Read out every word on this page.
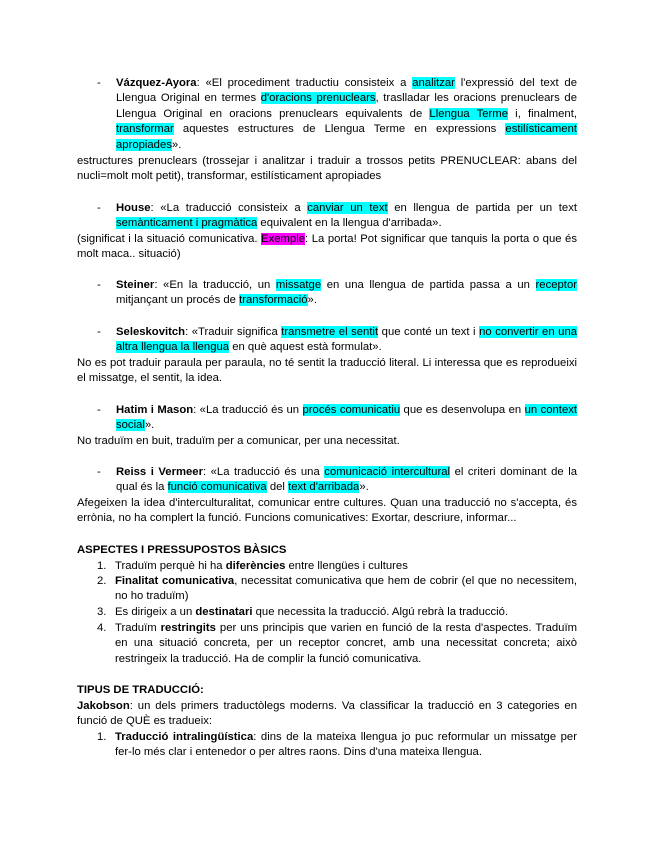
- Vázquez-Ayora: «El procediment traductiu consisteix a analitzar l'expressió del text de Llengua Original en termes d'oracions prenuclears, traslladar les oracions prenuclears de Llengua Original en oracions prenuclears equivalents de Llengua Terme i, finalment, transformar aquestes estructures de Llengua Terme en expressions estilísticament apropiades».
estructures prenuclears (trossejar i analitzar i traduir a trossos petits PRENUCLEAR: abans del nucli=molt molt petit), transformar, estilísticament apropiades
- House: «La traducció consisteix a canviar un text en llengua de partida per un text semànticament i pragmàtica equivalent en la llengua d'arribada».
(significat i la situació comunicativa. Exemple: La porta! Pot significar que tanquis la porta o que és molt maca.. situació)
- Steiner: «En la traducció, un missatge en una llengua de partida passa a un receptor mitjançant un procés de transformació».
- Seleskovitch: «Traduir significa transmetre el sentit que conté un text i no convertir en una altra llengua la llengua en què aquest està formulat».
No es pot traduir paraula per paraula, no té sentit la traducció literal. Li interessa que es reprodueixi el missatge, el sentit, la idea.
- Hatim i Mason: «La traducció és un procés comunicatiu que es desenvolupa en un context social».
No traduïm en buit, traduïm per a comunicar, per una necessitat.
- Reiss i Vermeer: «La traducció és una comunicació intercultural el criteri dominant de la qual és la funció comunicativa del text d'arribada».
Afegeixen la idea d'interculturalitat, comunicar entre cultures. Quan una traducció no s'accepta, és errònia, no ha complert la funció. Funcions comunicatives: Exortar, descriure, informar...
ASPECTES I PRESSUPOSTOS BÀSICS
1. Traduïm perquè hi ha diferències entre llengües i cultures
2. Finalitat comunicativa, necessitat comunicativa que hem de cobrir (el que no necessitem, no ho traduïm)
3. Es dirigeix a un destinatari que necessita la traducció. Algú rebrà la traducció.
4. Traduïm restringits per uns principis que varien en funció de la resta d'aspectes. Traduïm en una situació concreta, per un receptor concret, amb una necessitat concreta; això restringeix la traducció. Ha de complir la funció comunicativa.
TIPUS DE TRADUCCIÓ:
Jakobson: un dels primers traductòlegs moderns. Va classificar la traducció en 3 categories en funció de QUÈ es tradueix:
1. Traducció intralingüística: dins de la mateixa llengua jo puc reformular un missatge per fer-lo més clar i entenedor o per altres raons. Dins d'una mateixa llengua.
